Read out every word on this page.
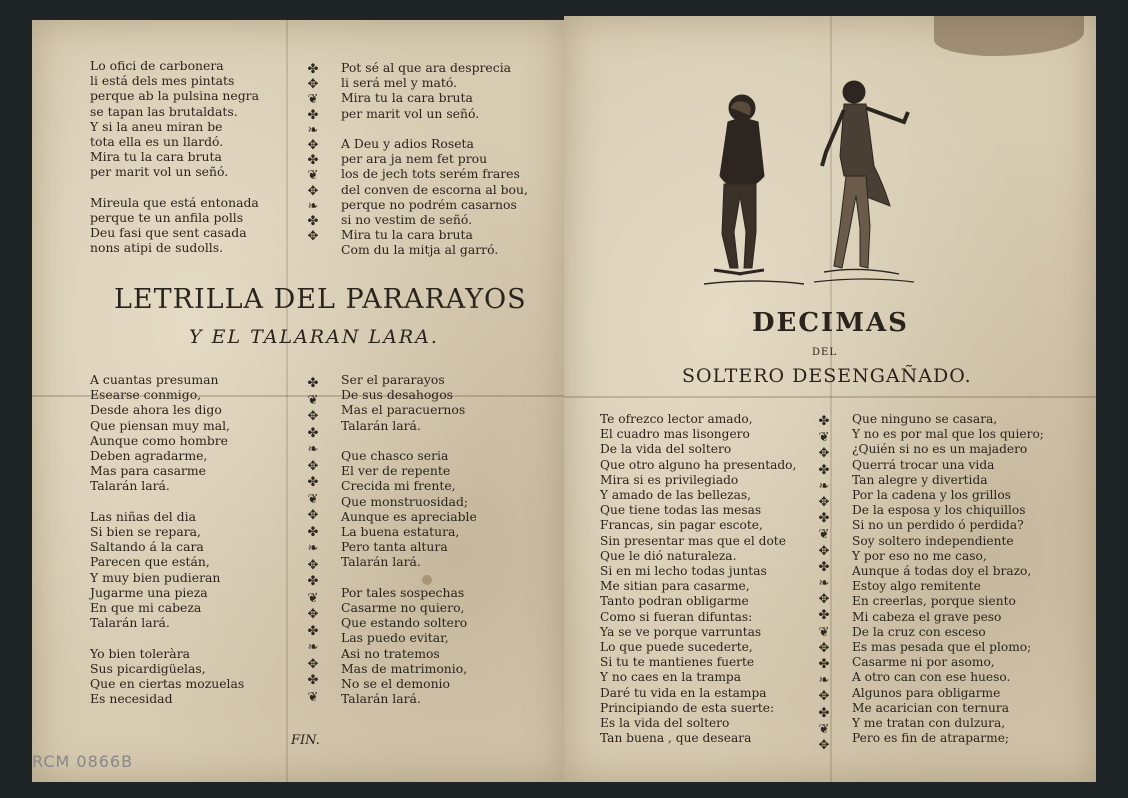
Lo ofici de carbonera
li está dels mes pintats
perque ab la pulsina negra
se tapan las brutaldats.
Y si la aneu miran be
tota ella es un llardó.
Mira tu la cara bruta
per marit vol un señó.

Mireula que está entonada
perque te un anfila polls
Deu fasi que sent casada
nons atipi de sudolls.
Pot sé al que ara desprecia
li será mel y mató.
Mira tu la cara bruta
per marit vol un señó.

A Deu y adios Roseta
per ara ja nem fet prou
los de jech tots serém frares
del conven de escorna al bou,
perque no podrém casarnos
si no vestim de señó.
Mira tu la cara bruta
Com du la mitja al garró.
✤
✥
❦
✤
❧
✥
✤
❦
✥
❧
✤
✥
LETRILLA DEL PARARAYOS
Y EL TALARAN LARA.
A cuantas presuman
Esearse conmigo,
Desde ahora les digo
Que piensan muy mal,
Aunque como hombre
Deben agradarme,
Mas para casarme
Talarán lará.

Las niñas del dia
Si bien se repara,
Saltando á la cara
Parecen que están,
Y muy bien pudieran
Jugarme una pieza
En que mi cabeza
Talarán lará.

Yo bien toleràra
Sus picardigüelas,
Que en ciertas mozuelas
Es necesidad
Ser el pararayos
De sus desahogos
Mas el paracuernos
Talarán lará.

Que chasco seria
El ver de repente
Crecida mi frente,
Que monstruosidad;
Aunque es apreciable
La buena estatura,
Pero tanta altura
Talarán lará.

Por tales sospechas
Casarme no quiero,
Que estando soltero
Las puedo evitar,
Asi no tratemos
Mas de matrimonio,
No se el demonio
Talarán lará.
✤
❦
✥
✤
❧
✥
✤
❦
✥
✤
❧
✥
✤
❦
✥
✤
❧
✥
✤
❦
FIN.
DECIMAS
DEL
SOLTERO DESENGAÑADO.
Te ofrezco lector amado,
El cuadro mas lisongero
De la vida del soltero
Que otro alguno ha presentado,
Mira si es privilegiado
Y amado de las bellezas,
Que tiene todas las mesas
Francas, sin pagar escote,
Sin presentar mas que el dote
Que le dió naturaleza.
Si en mi lecho todas juntas
Me sitian para casarme,
Tanto podran obligarme
Como si fueran difuntas:
Ya se ve porque varruntas
Lo que puede sucederte,
Si tu te mantienes fuerte
Y no caes en la trampa
Daré tu vida en la estampa
Principiando de esta suerte:
Es la vida del soltero
Tan buena , que deseara
Que ninguno se casara,
Y no es por mal que los quiero;
¿Quién si no es un majadero
Querrá trocar una vida
Tan alegre y divertida
Por la cadena y los grillos
De la esposa y los chiquillos
Si no un perdido ó perdida?
Soy soltero independiente
Y por eso no me caso,
Aunque á todas doy el brazo,
Estoy algo remitente
En creerlas, porque siento
Mi cabeza el grave peso
De la cruz con esceso
Es mas pesada que el plomo;
Casarme ni por asomo,
A otro can con ese hueso.
Algunos para obligarme
Me acarician con ternura
Y me tratan con dulzura,
Pero es fin de atraparme;
✤
❦
✥
✤
❧
✥
✤
❦
✥
✤
❧
✥
✤
❦
✥
✤
❧
✥
✤
❦
✥
RCM 0866B
